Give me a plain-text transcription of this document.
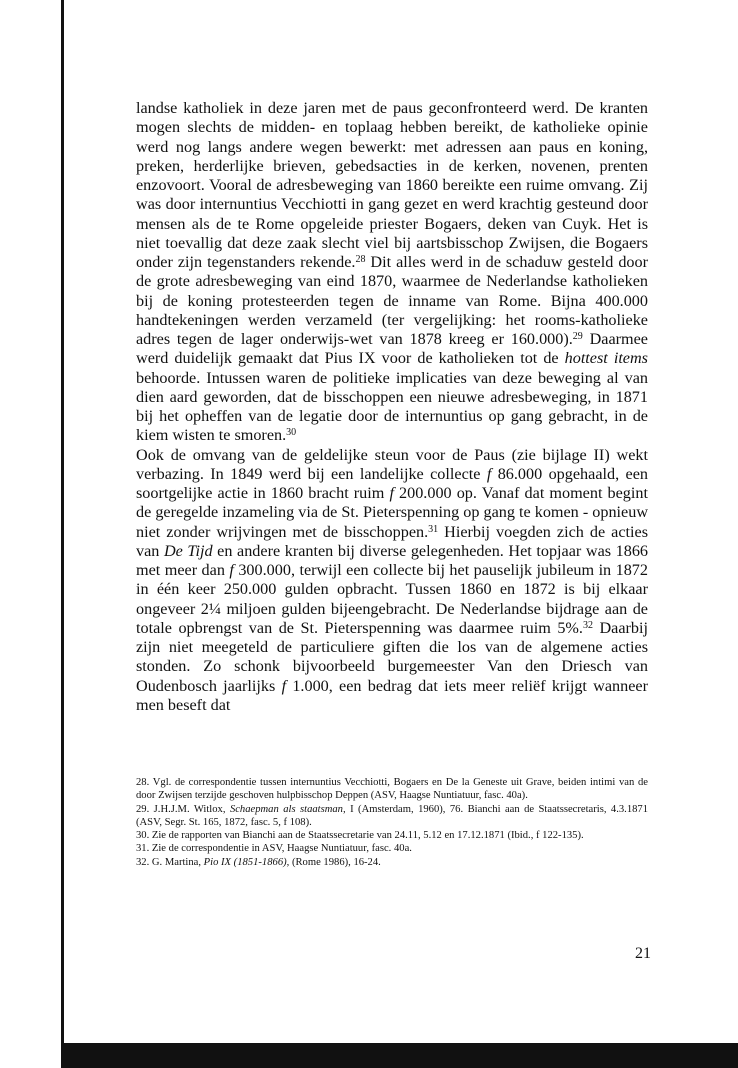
landse katholiek in deze jaren met de paus geconfronteerd werd. De kranten mogen slechts de midden- en toplaag hebben bereikt, de katholieke opinie werd nog langs andere wegen bewerkt: met adressen aan paus en koning, preken, herderlijke brieven, gebedsacties in de kerken, novenen, prenten enzovoort. Vooral de adresbeweging van 1860 bereikte een ruime omvang. Zij was door internuntius Vecchiotti in gang gezet en werd krachtig gesteund door mensen als de te Rome opgeleide priester Bogaers, deken van Cuyk. Het is niet toevallig dat deze zaak slecht viel bij aartsbisschop Zwijsen, die Bogaers onder zijn tegenstanders rekende.$^{28}$ Dit alles werd in de schaduw gesteld door de grote adresbeweging van eind 1870, waarmee de Nederlandse katholieken bij de koning protesteerden tegen de inname van Rome. Bijna 400.000 handtekeningen werden verzameld (ter vergelijking: het rooms-katholieke adres tegen de lager onderwijs-wet van 1878 kreeg er 160.000).$^{29}$ Daarmee werd duidelijk gemaakt dat Pius IX voor de katholieken tot de hottest items behoorde. Intussen waren de politieke implicaties van deze beweging al van dien aard geworden, dat de bisschoppen een nieuwe adresbeweging, in 1871 bij het opheffen van de legatie door de internuntius op gang gebracht, in de kiem wisten te smoren.$^{30}$

Ook de omvang van de geldelijke steun voor de Paus (zie bijlage II) wekt verbazing. In 1849 werd bij een landelijke collecte f 86.000 opgehaald, een soortgelijke actie in 1860 bracht ruim f 200.000 op. Vanaf dat moment begint de geregelde inzameling via de St. Pieterspenning op gang te komen - opnieuw niet zonder wrijvingen met de bisschoppen.$^{31}$ Hierbij voegden zich de acties van De Tijd en andere kranten bij diverse gelegenheden. Het topjaar was 1866 met meer dan f 300.000, terwijl een collecte bij het pauselijk jubileum in 1872 in één keer 250.000 gulden opbracht. Tussen 1860 en 1872 is bij elkaar ongeveer 2¼ miljoen gulden bijeengebracht. De Nederlandse bijdrage aan de totale opbrengst van de St. Pieterspenning was daarmee ruim 5%.$^{32}$ Daarbij zijn niet meegeteld de particuliere giften die los van de algemene acties stonden. Zo schonk bijvoorbeeld burgemeester Van den Driesch van Oudenbosch jaarlijks f 1.000, een bedrag dat iets meer reliëf krijgt wanneer men beseft dat

28. Vgl. de correspondentie tussen internuntius Vecchiotti, Bogaers en De la Geneste uit Grave, beiden intimi van de door Zwijsen terzijde geschoven hulpbisschop Deppen (ASV, Haagse Nuntiatuur, fasc. 40a).

29. J.H.J.M. Witlox, Schaepman als staatsman, I (Amsterdam, 1960), 76. Bianchi aan de Staatssecretaris, 4.3.1871 (ASV, Segr. St. 165, 1872, fasc. 5, f 108).

30. Zie de rapporten van Bianchi aan de Staatssecretarie van 24.11, 5.12 en 17.12.1871 (Ibid., f 122-135).

31. Zie de correspondentie in ASV, Haagse Nuntiatuur, fasc. 40a.

32. G. Martina, Pio IX (1851-1866), (Rome 1986), 16-24.

21
